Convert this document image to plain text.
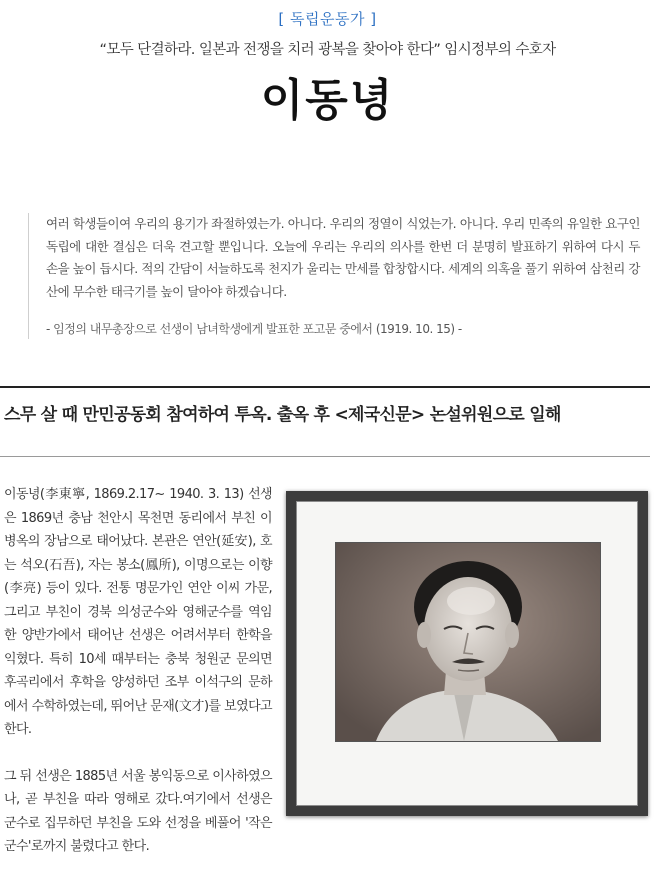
[ 독립운동가 ]
“모두 단결하라. 일본과 전쟁을 치러 광복을 찾아야 한다” 임시정부의 수호자
이동녕

여러 학생들이여 우리의 용기가 좌절하였는가. 아니다. 우리의 정열이 식었는가. 아니다. 우리 민족의 유일한 요구인 독립에 대한 결심은 더욱 견고할 뿐입니다. 오늘에 우리는 우리의 의사를 한번 더 분명히 발표하기 위하여 다시 두 손을 높이 듭시다. 적의 간담이 서늘하도록 천지가 울리는 만세를 합창합시다. 세계의 의혹을 풀기 위하여 삼천리 강산에 무수한 태극기를 높이 달아야 하겠습니다.

- 임정의 내무총장으로 선생이 남녀학생에게 발표한 포고문 중에서 (1919. 10. 15) -
스무 살 때 만민공동회 참여하여 투옥. 출옥 후 <제국신문> 논설위원으로 일해

이동녕(李東寧, 1869.2.17~ 1940. 3. 13) 선생은 1869년 충남 천안시 목천면 동리에서 부친 이병옥의 장남으로 태어났다. 본관은 연안(延安), 호는 석오(石吾), 자는 봉소(鳳所), 이명으로는 이향(李亮) 등이 있다. 전통 명문가인 연안 이씨 가문, 그리고 부친이 경북 의성군수와 영해군수를 역임한 양반가에서 태어난 선생은 어려서부터 한학을 익혔다. 특히 10세 때부터는 충북 청원군 문의면 후곡리에서 후학을 양성하던 조부 이석구의 문하에서 수학하였는데, 뛰어난 문재(文才)를 보였다고 한다.

그 뒤 선생은 1885년 서울 봉익동으로 이사하였으나, 곧 부친을 따라 영해로 갔다.여기에서 선생은 군수로 집무하던 부친을 도와 선정을 베풀어 '작은 군수'로까지 불렸다고 한다.
